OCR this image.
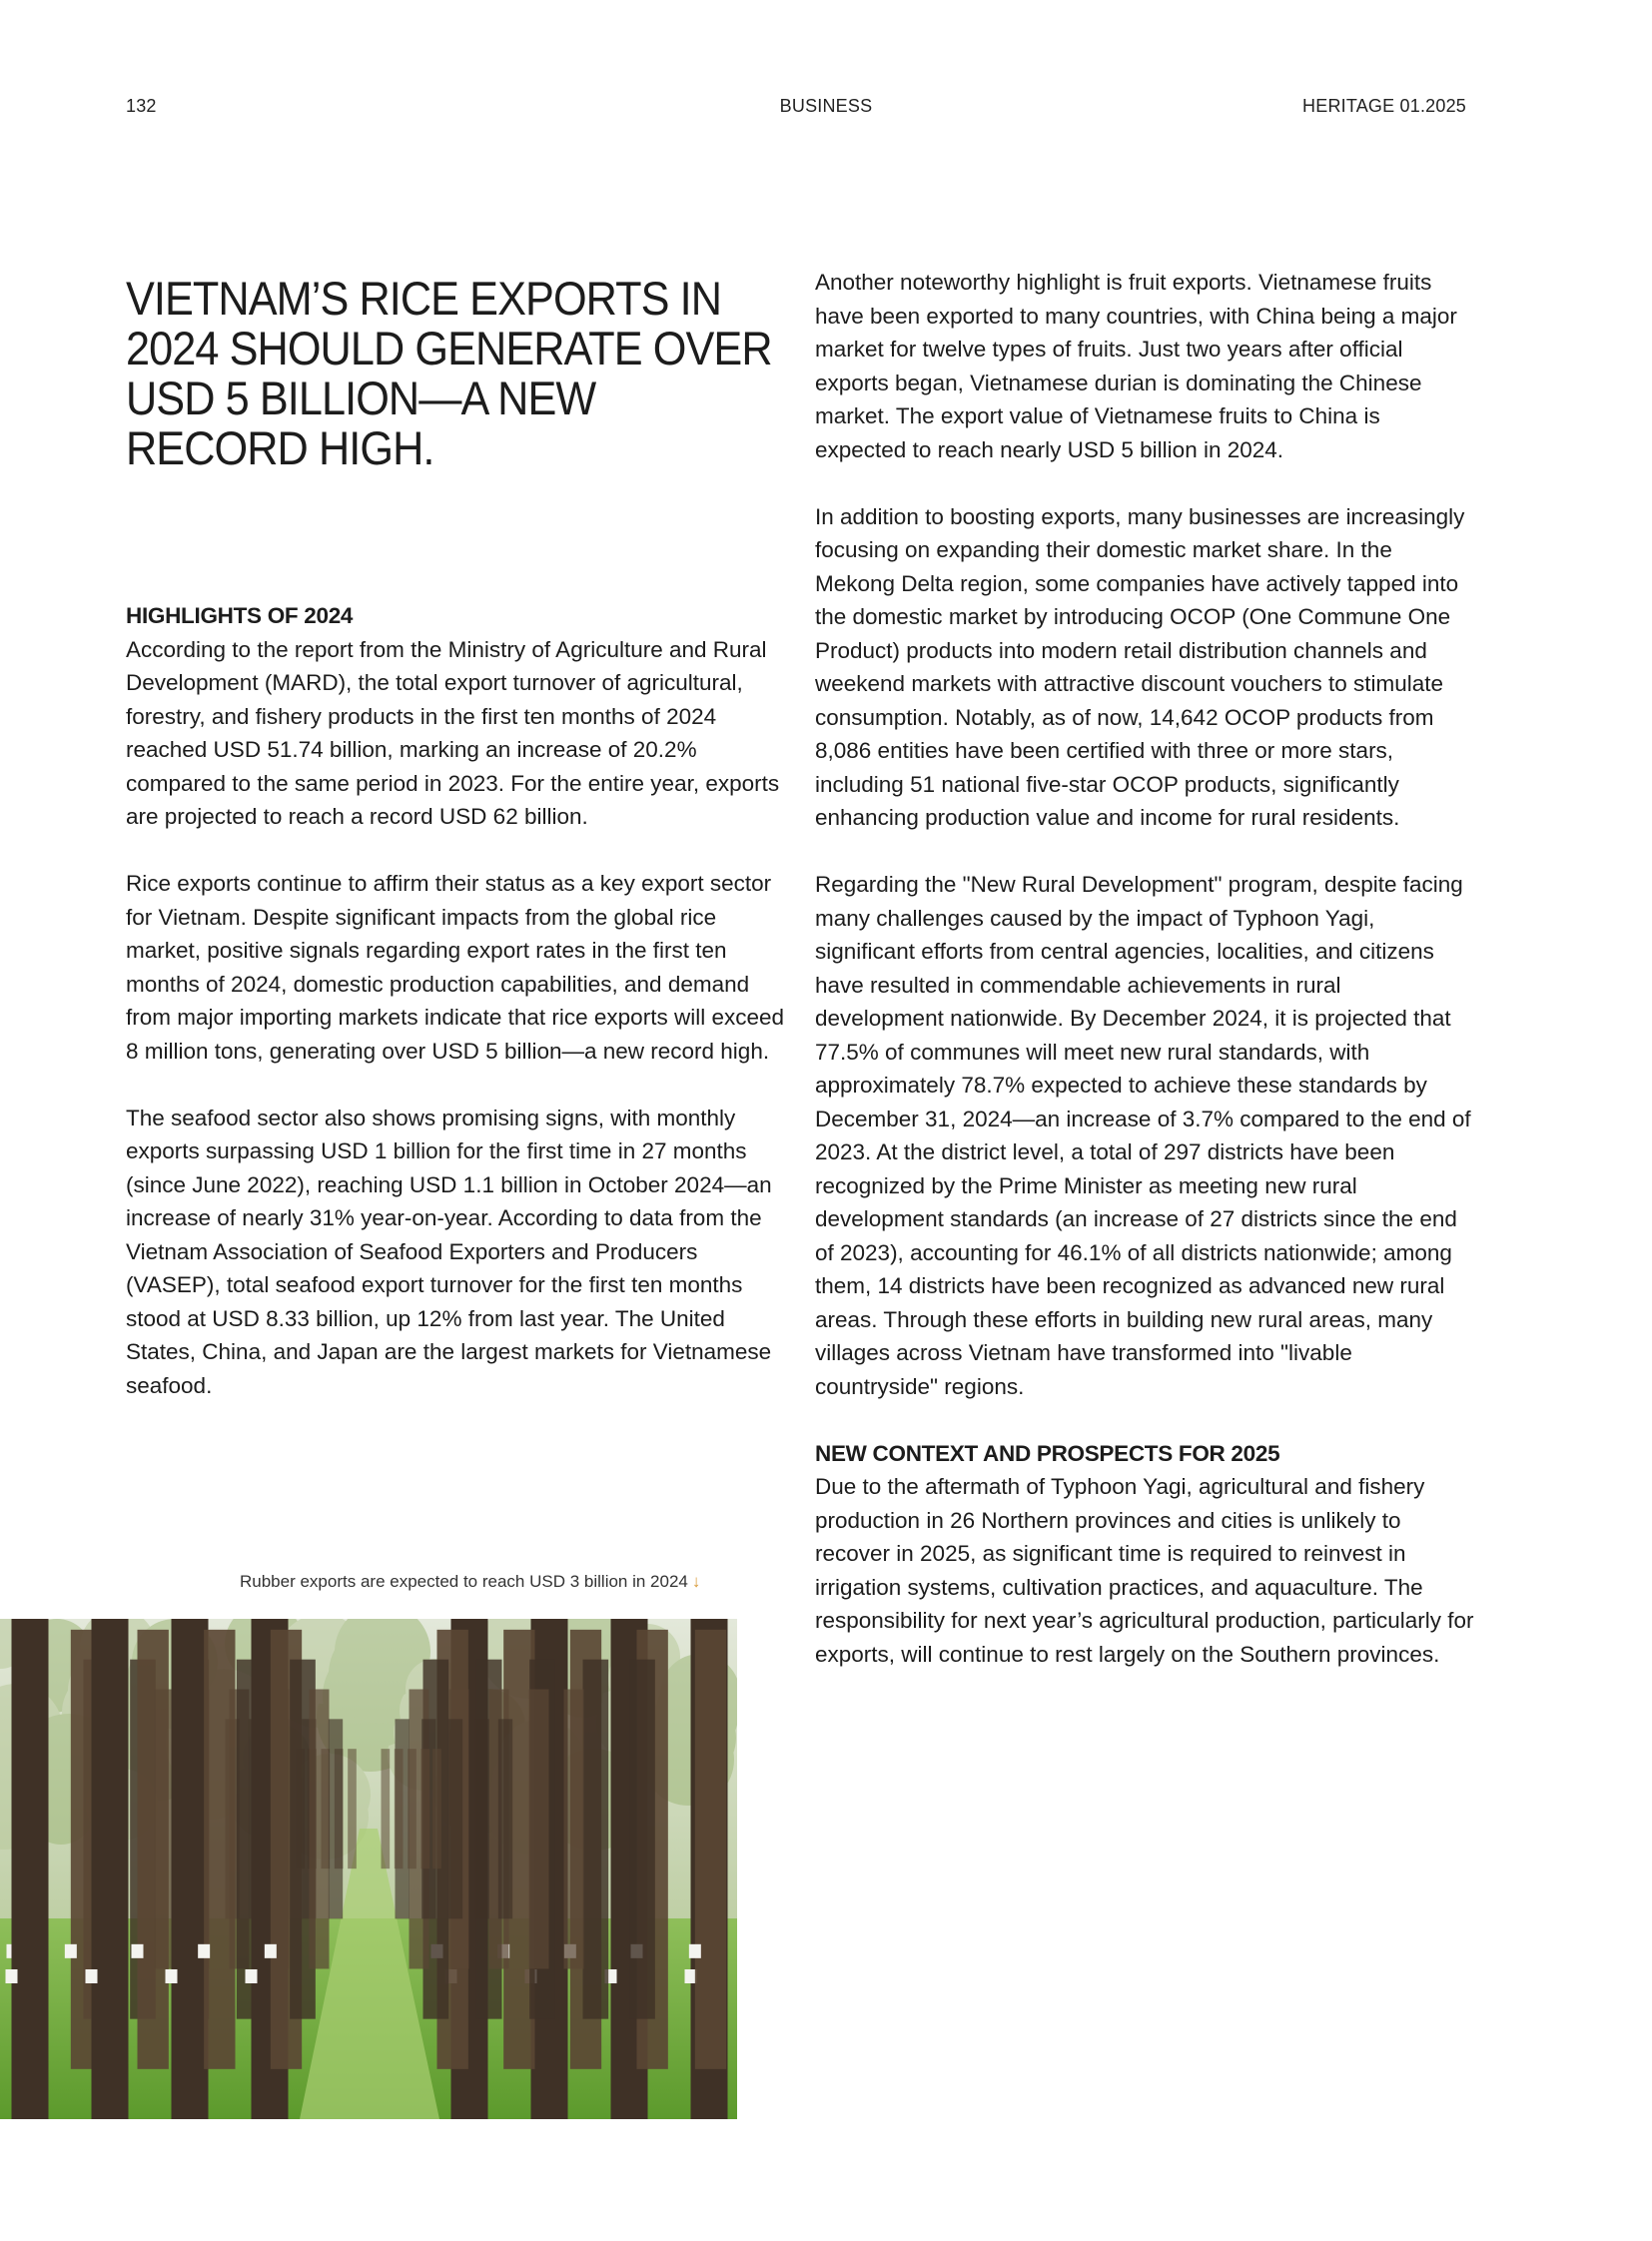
132	BUSINESS	HERITAGE 01.2025
VIETNAM’S RICE EXPORTS IN 2024 SHOULD GENERATE OVER USD 5 BILLION—A NEW RECORD HIGH.
HIGHLIGHTS OF 2024

According to the report from the Ministry of Agriculture and Rural Development (MARD), the total export turnover of agricultural, forestry, and fishery products in the first ten months of 2024 reached USD 51.74 billion, marking an increase of 20.2% compared to the same period in 2023. For the entire year, exports are projected to reach a record USD 62 billion.

Rice exports continue to affirm their status as a key export sector for Vietnam. Despite significant impacts from the global rice market, positive signals regarding export rates in the first ten months of 2024, domestic production capabilities, and demand from major importing markets indicate that rice exports will exceed 8 million tons, generating over USD 5 billion—a new record high.

The seafood sector also shows promising signs, with monthly exports surpassing USD 1 billion for the first time in 27 months (since June 2022), reaching USD 1.1 billion in October 2024—an increase of nearly 31% year-on-year. According to data from the Vietnam Association of Seafood Exporters and Producers (VASEP), total seafood export turnover for the first ten months stood at USD 8.33 billion, up 12% from last year. The United States, China, and Japan are the largest markets for Vietnamese seafood.

Another noteworthy highlight is fruit exports. Vietnamese fruits have been exported to many countries, with China being a major market for twelve types of fruits. Just two years after official exports began, Vietnamese durian is dominating the Chinese market. The export value of Vietnamese fruits to China is expected to reach nearly USD 5 billion in 2024.

In addition to boosting exports, many businesses are increasingly focusing on expanding their domestic market share. In the Mekong Delta region, some companies have actively tapped into the domestic market by introducing OCOP (One Commune One Product) products into modern retail distribution channels and weekend markets with attractive discount vouchers to stimulate consumption. Notably, as of now, 14,642 OCOP products from 8,086 entities have been certified with three or more stars, including 51 national five-star OCOP products, significantly enhancing production value and income for rural residents.

Regarding the "New Rural Development" program, despite facing many challenges caused by the impact of Typhoon Yagi, significant efforts from central agencies, localities, and citizens have resulted in commendable achievements in rural development nationwide. By December 2024, it is projected that 77.5% of communes will meet new rural standards, with approximately 78.7% expected to achieve these standards by December 31, 2024—an increase of 3.7% compared to the end of 2023. At the district level, a total of 297 districts have been recognized by the Prime Minister as meeting new rural development standards (an increase of 27 districts since the end of 2023), accounting for 46.1% of all districts nationwide; among them, 14 districts have been recognized as advanced new rural areas. Through these efforts in building new rural areas, many villages across Vietnam have transformed into "livable countryside" regions.

NEW CONTEXT AND PROSPECTS FOR 2025

Due to the aftermath of Typhoon Yagi, agricultural and fishery production in 26 Northern provinces and cities is unlikely to recover in 2025, as significant time is required to reinvest in irrigation systems, cultivation practices, and aquaculture. The responsibility for next year’s agricultural production, particularly for exports, will continue to rest largely on the Southern provinces.

Rubber exports are expected to reach USD 3 billion in 2024 ↓
